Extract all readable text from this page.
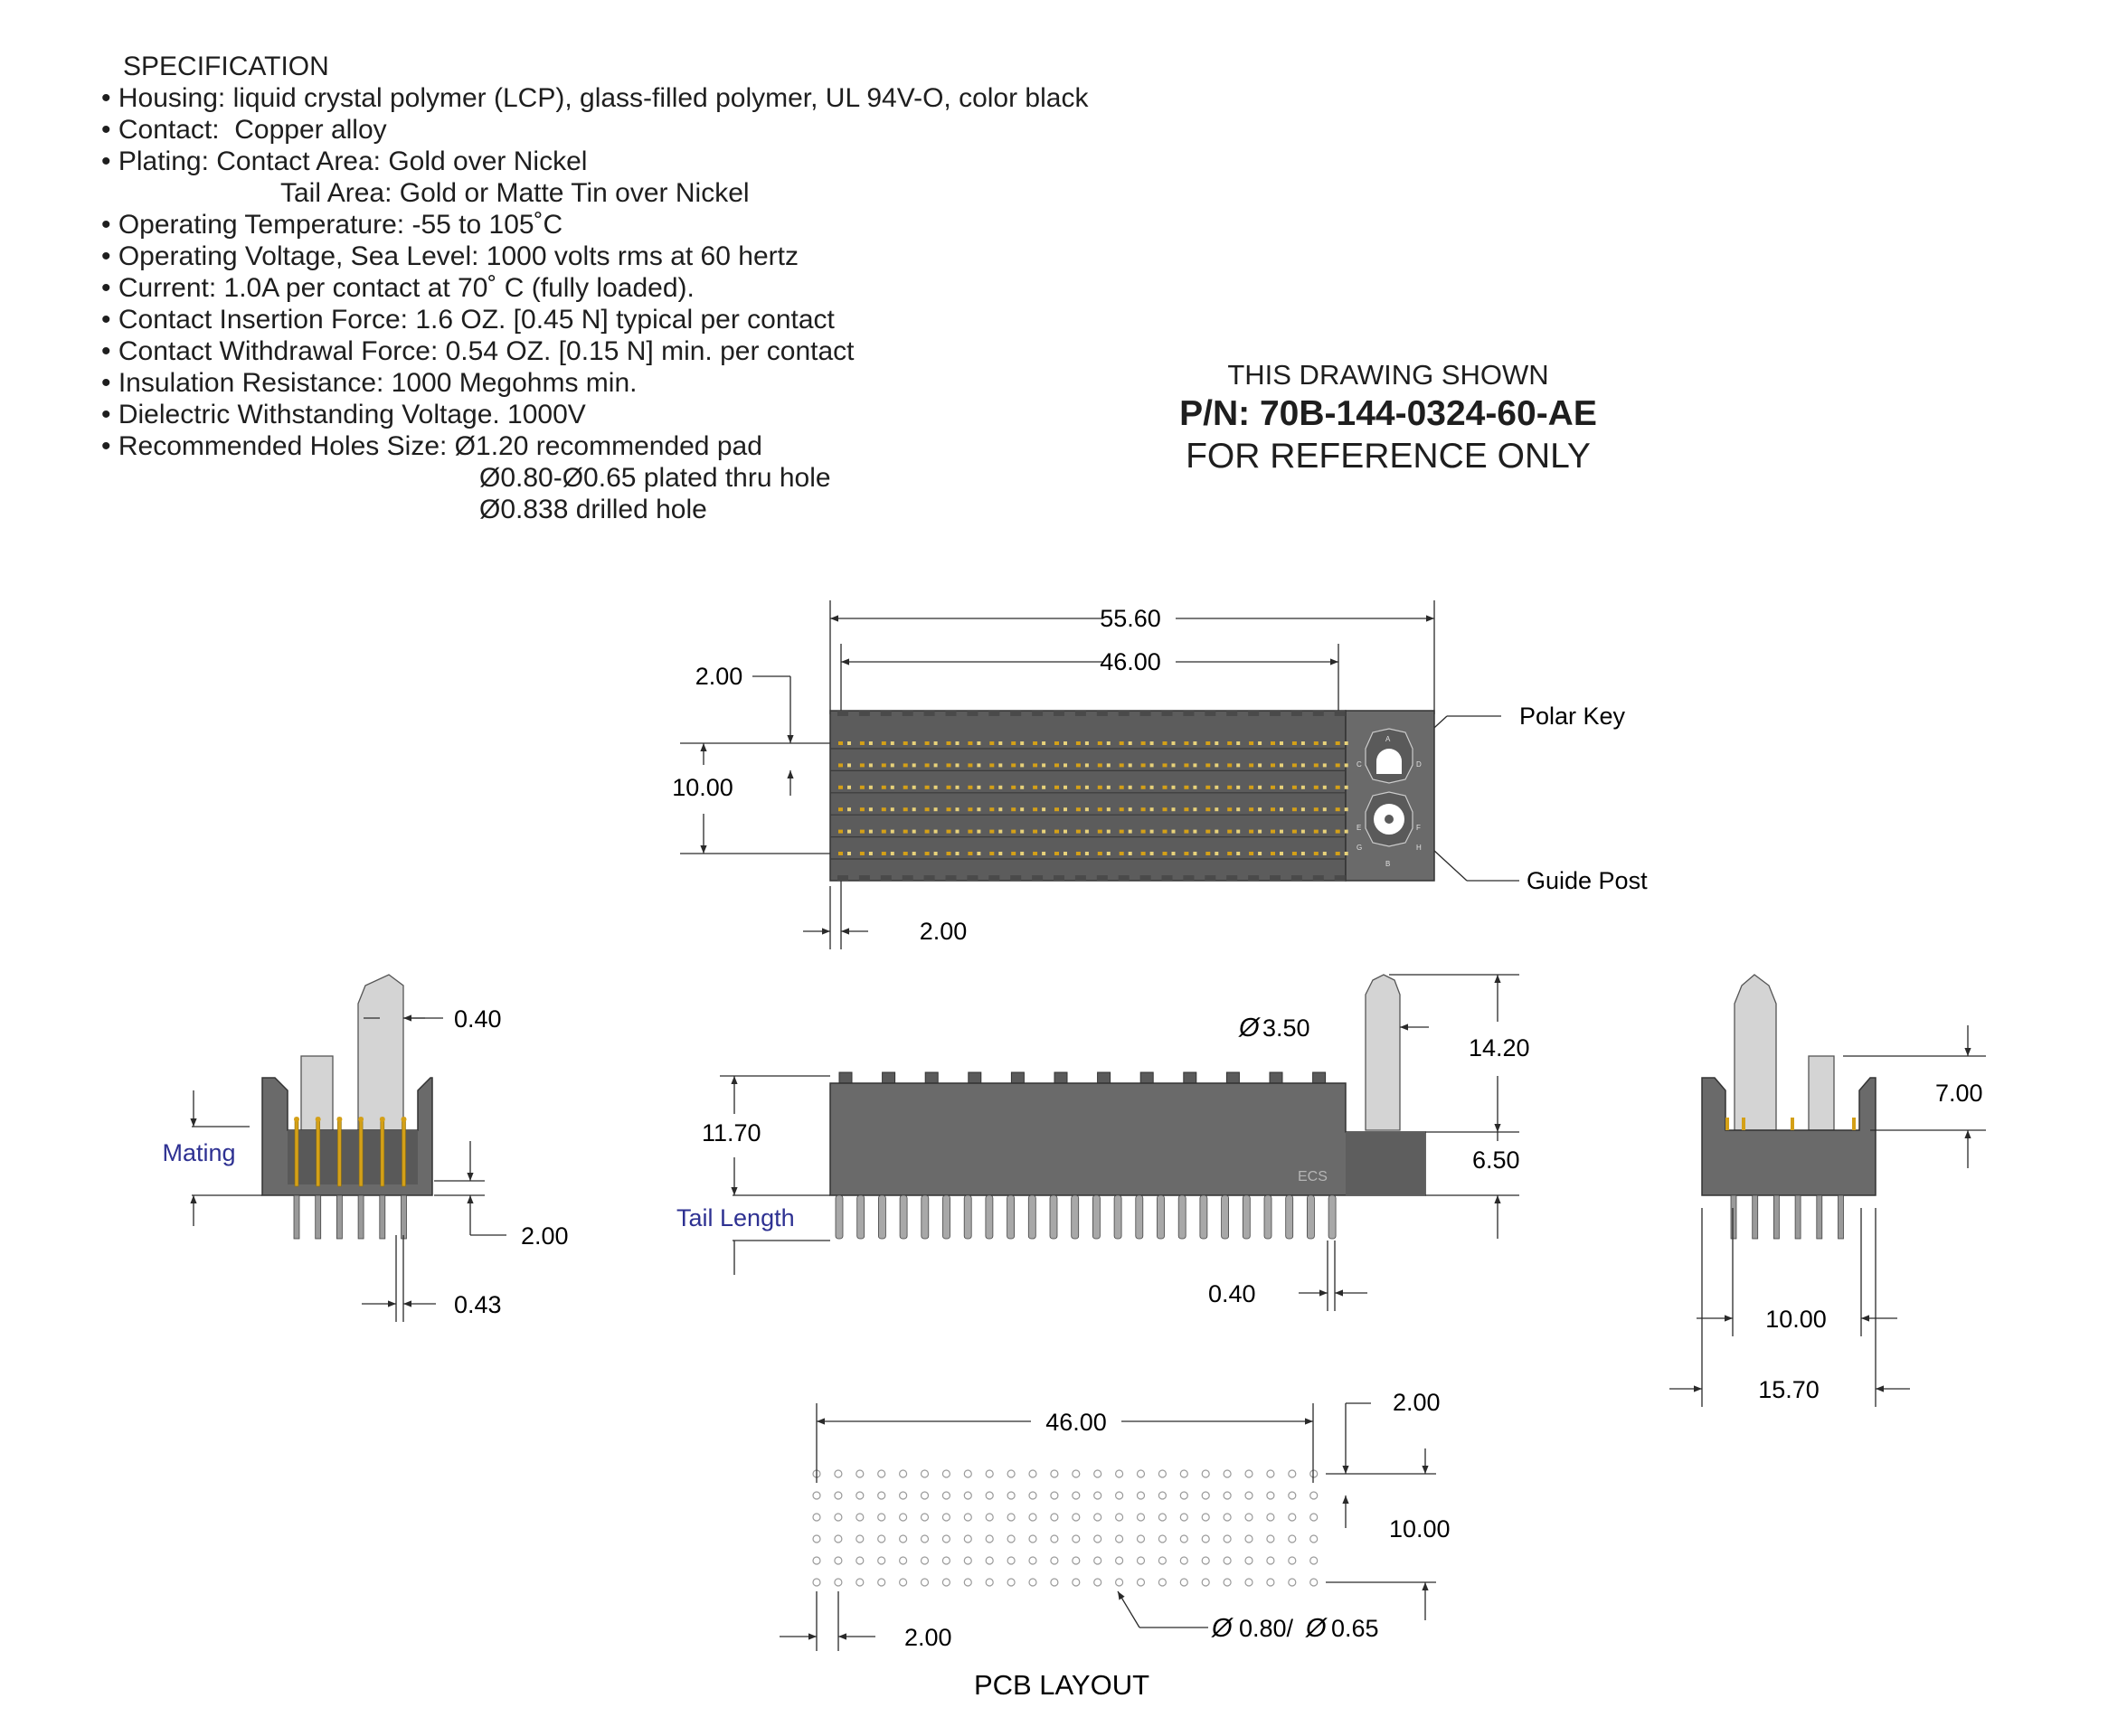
SPECIFICATION
• Housing: liquid crystal polymer (LCP), glass-filled polymer, UL 94V-O, color black
• Contact:  Copper alloy
• Plating: Contact Area: Gold over Nickel
Tail Area: Gold or Matte Tin over Nickel
• Operating Temperature: -55 to 105˚C
• Operating Voltage, Sea Level: 1000 volts rms at 60 hertz
• Current: 1.0A per contact at 70˚ C (fully loaded).
• Contact Insertion Force: 1.6 OZ. [0.45 N] typical per contact
• Contact Withdrawal Force: 0.54 OZ. [0.15 N] min. per contact
• Insulation Resistance: 1000 Megohms min.
• Dielectric Withstanding Voltage. 1000V
• Recommended Holes Size: Ø1.20 recommended pad
Ø0.80-Ø0.65 plated thru hole
Ø0.838 drilled hole
THIS DRAWING SHOWN
P/N: 70B-144-0324-60-AE
FOR REFERENCE ONLY
55.60
46.00
2.00
10.00
2.00
Polar Key
Guide Post
A
B
C	D
E	F
G	H
0.40
Mating
2.00
0.43
ECS
Ø 3.50
14.20
11.70
6.50
Tail Length
0.40
7.00
10.00
15.70
46.00
2.00
10.00
2.00	Ø 0.80/ Ø 0.65
PCB LAYOUT
